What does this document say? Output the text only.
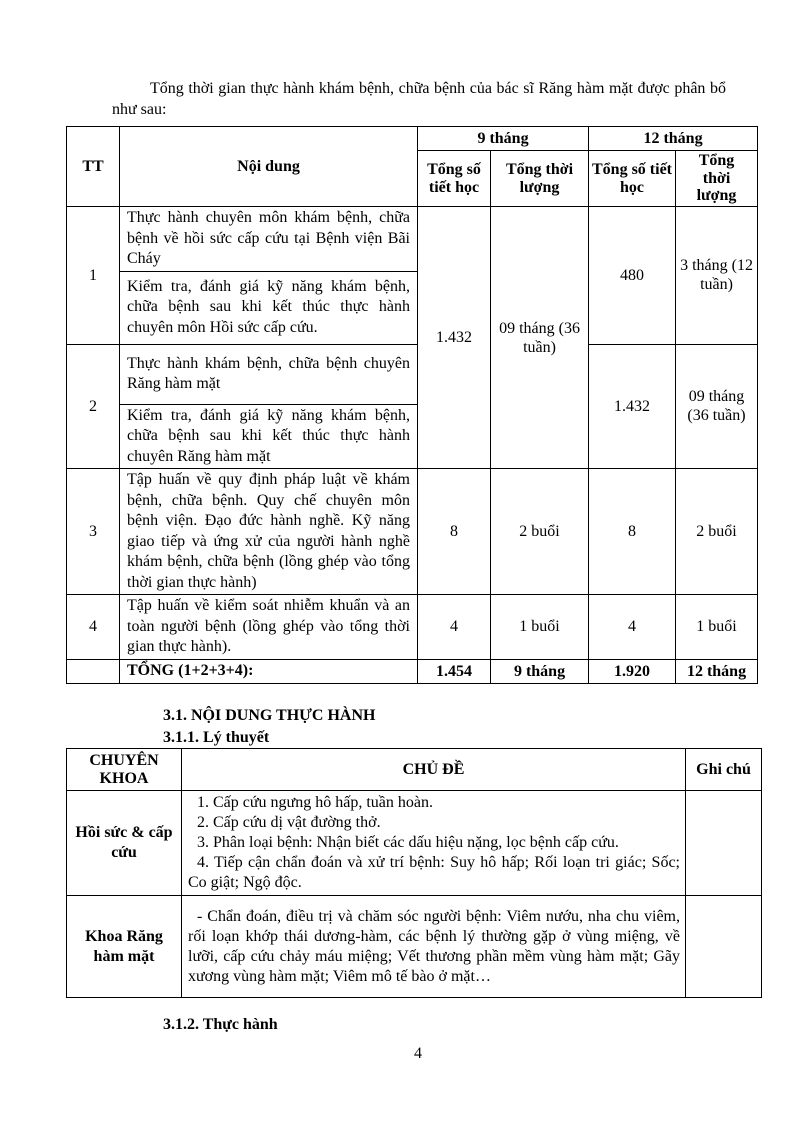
Tổng thời gian thực hành khám bệnh, chữa bệnh của bác sĩ Răng hàm mặt được phân bổ như sau:

TT	Nội dung	9 tháng		12 tháng	
		Tổng số tiết học	Tổng thời lượng	Tổng số tiết học	Tổng thời lượng
1	Thực hành chuyên môn khám bệnh, chữa bệnh về hồi sức cấp cứu tại Bệnh viện Bãi Cháy	1.432	09 tháng (36 tuần)	480	3 tháng (12 tuần)
	Kiểm tra, đánh giá kỹ năng khám bệnh, chữa bệnh sau khi kết thúc thực hành chuyên môn Hồi sức cấp cứu.				
2	Thực hành khám bệnh, chữa bệnh chuyên Răng hàm mặt			1.432	09 tháng (36 tuần)
	Kiểm tra, đánh giá kỹ năng khám bệnh, chữa bệnh sau khi kết thúc thực hành chuyên Răng hàm mặt				
3	Tập huấn về quy định pháp luật về khám bệnh, chữa bệnh. Quy chế chuyên môn bệnh viện. Đạo đức hành nghề. Kỹ năng giao tiếp và ứng xử của người hành nghề khám bệnh, chữa bệnh (lồng ghép vào tổng thời gian thực hành)	8	2 buổi	8	2 buổi
4	Tập huấn về kiểm soát nhiễm khuẩn và an toàn người bệnh (lồng ghép vào tổng thời gian thực hành).	4	1 buổi	4	1 buổi
	TỔNG (1+2+3+4):	1.454	9 tháng	1.920	12 tháng

3.1. NỘI DUNG THỰC HÀNH

3.1.1. Lý thuyết

CHUYÊN KHOA	CHỦ ĐỀ	Ghi chú
Hồi sức & cấp cứu	1. Cấp cứu ngưng hô hấp, tuần hoàn.
2. Cấp cứu dị vật đường thở.
3. Phân loại bệnh: Nhận biết các dấu hiệu nặng, lọc bệnh cấp cứu.
4. Tiếp cận chẩn đoán và xử trí bệnh: Suy hô hấp; Rối loạn tri giác; Sốc; Co giật; Ngộ độc.	

Khoa Răng hàm mặt	- Chẩn đoán, điều trị và chăm sóc người bệnh: Viêm nướu, nha chu viêm, rối loạn khớp thái dương-hàm, các bệnh lý thường gặp ở vùng miệng, về lưỡi, cấp cứu chảy máu miệng; Vết thương phần mềm vùng hàm mặt; Gãy xương vùng hàm mặt; Viêm mô tế bào ở mặt…	

3.1.2. Thực hành

4
